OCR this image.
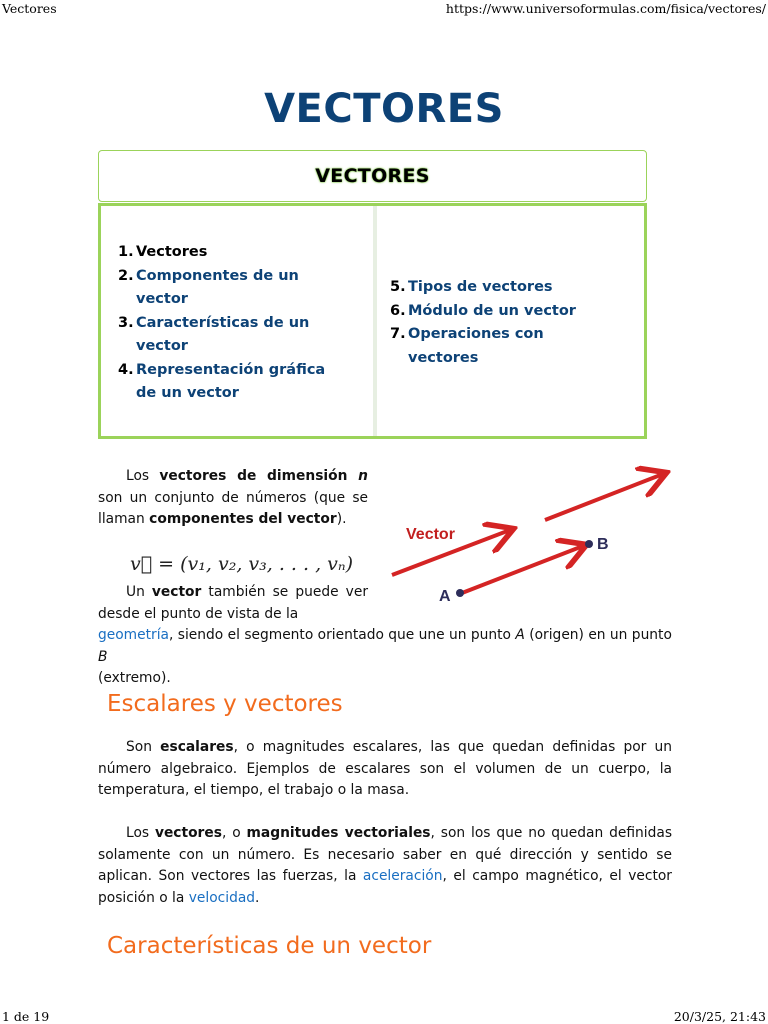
Vectores	https://www.universoformulas.com/fisica/vectores/
VECTORES
VECTORES
1. Vectores
2. Componentes de un
vector
3. Características de un
vector
4. Representación gráfica
de un vector
5. Tipos de vectores
6. Módulo de un vector
7. Operaciones con
vectores
Los vectores de dimensión n son un conjunto de números (que se llaman componentes del vector).
v⃗ = (v₁, v₂, v₃, . . . , vₙ)
Vector
A
B
Un vector también se puede ver desde el punto de vista de la
geometría, siendo el segmento orientado que une un punto A (origen) en un punto B
(extremo).
Escalares y vectores
Son escalares, o magnitudes escalares, las que quedan definidas por un número algebraico. Ejemplos de escalares son el volumen de un cuerpo, la temperatura, el tiempo, el trabajo o la masa.
Los vectores, o magnitudes vectoriales, son los que no quedan definidas solamente con un número. Es necesario saber en qué dirección y sentido se aplican. Son vectores las fuerzas, la aceleración, el campo magnético, el vector posición o la velocidad.
Características de un vector
1 de 19	20/3/25, 21:43
